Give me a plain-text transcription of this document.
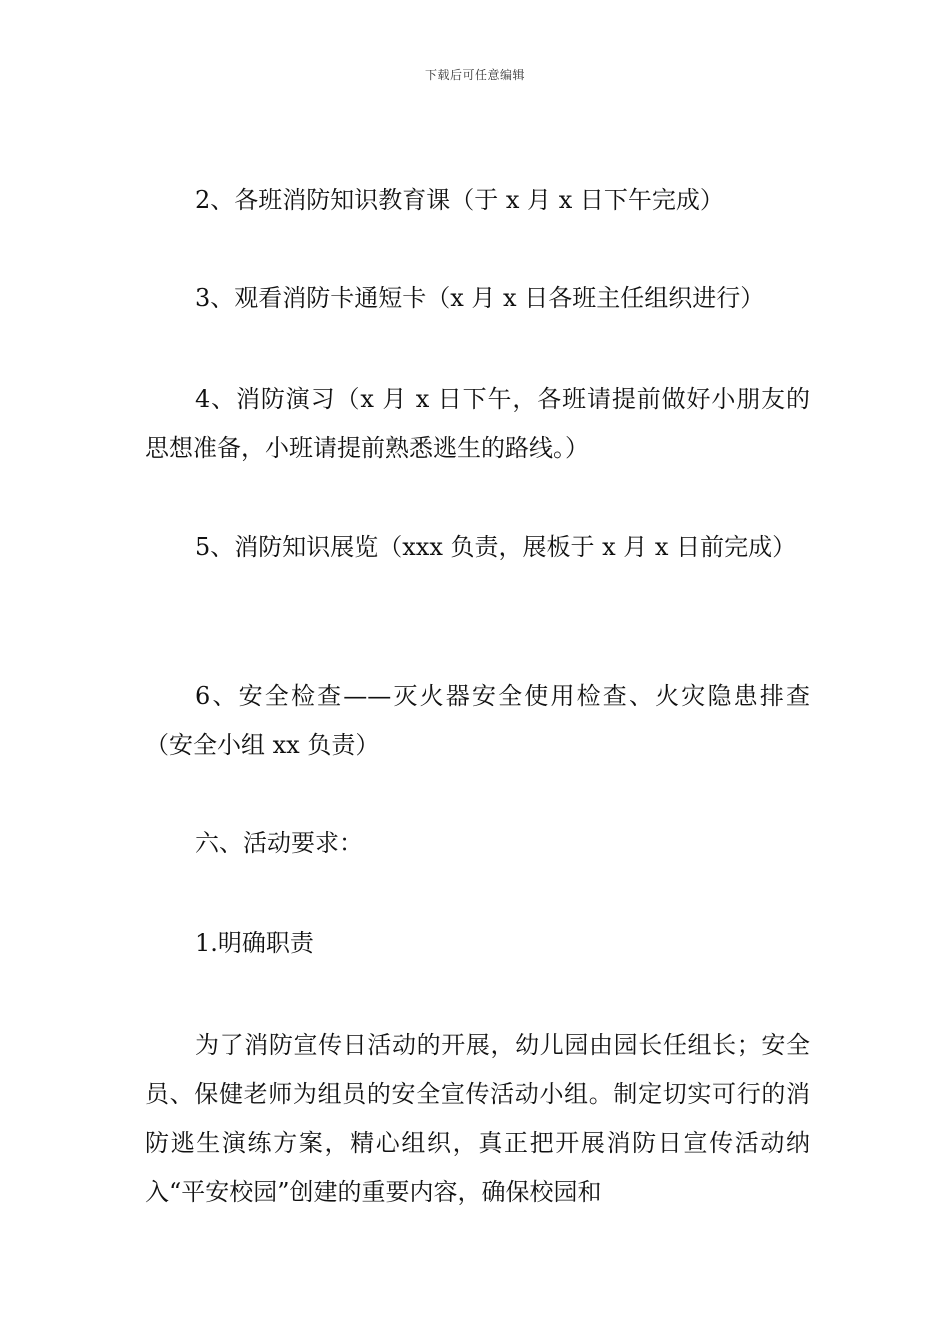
下载后可任意编辑

2、各班消防知识教育课（于 x 月 x 日下午完成）

3、观看消防卡通短卡（x 月 x 日各班主任组织进行）

4、消防演习（x 月 x 日下午，各班请提前做好小朋友的思想准备，小班请提前熟悉逃生的路线。）

5、消防知识展览（xxx 负责，展板于 x 月 x 日前完成）

6、安全检查——灭火器安全使用检查、火灾隐患排查（安全小组 xx 负责）

六、活动要求：

1.明确职责

为了消防宣传日活动的开展，幼儿园由园长任组长；安全员、保健老师为组员的安全宣传活动小组。制定切实可行的消防逃生演练方案，精心组织，真正把开展消防日宣传活动纳入“平安校园”创建的重要内容，确保校园和
